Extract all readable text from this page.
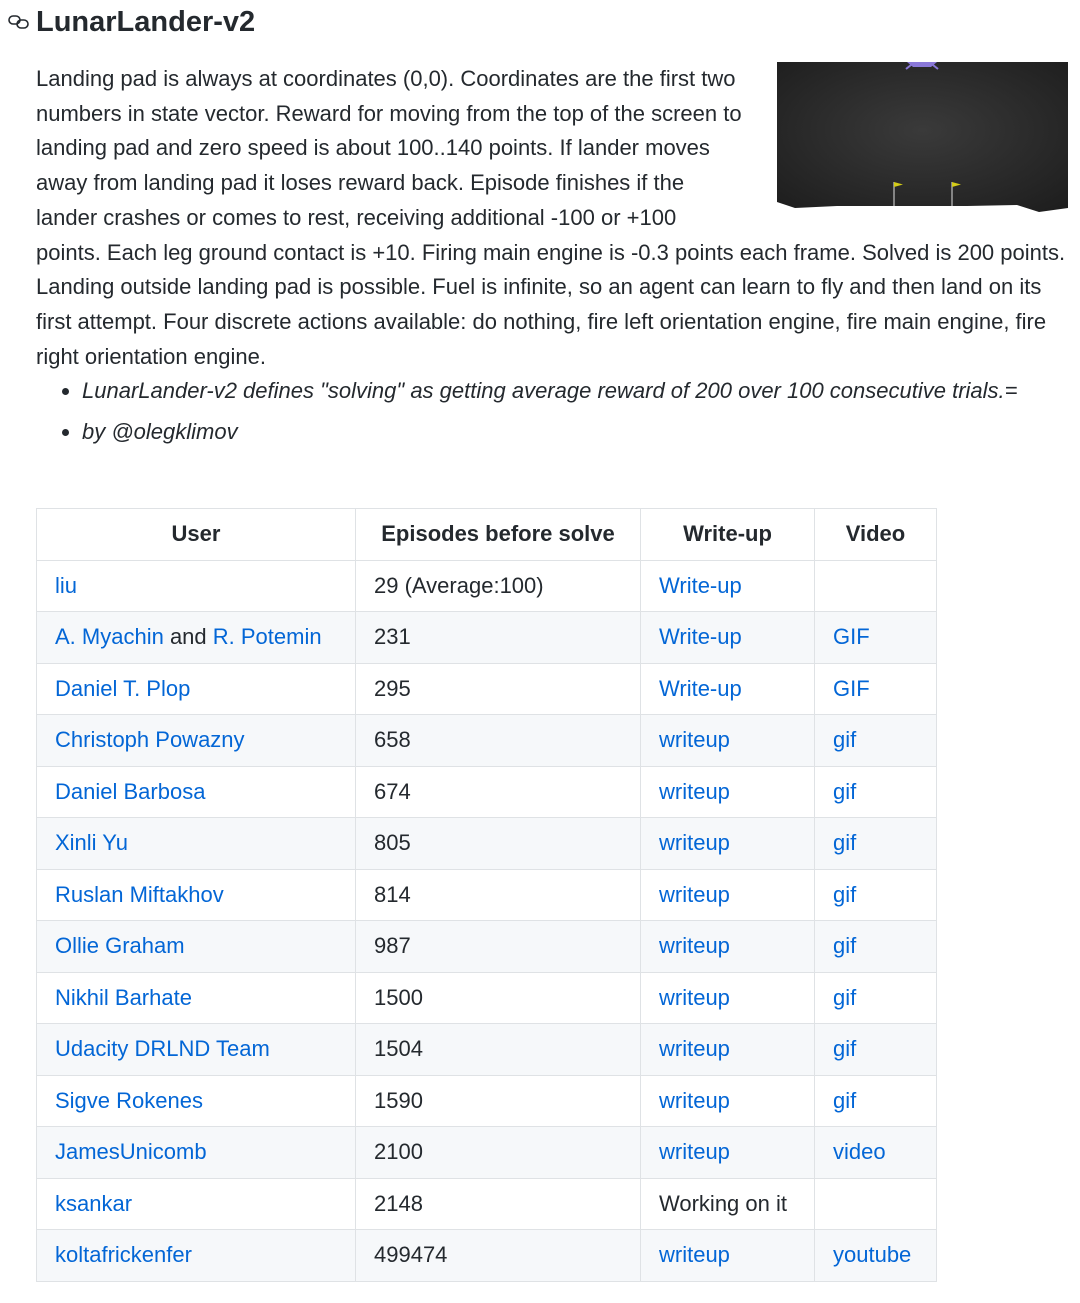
LunarLander-v2

Landing pad is always at coordinates (0,0). Coordinates are the first two numbers in state vector. Reward for moving from the top of the screen to landing pad and zero speed is about 100..140 points. If lander moves away from landing pad it loses reward back. Episode finishes if the lander crashes or comes to rest, receiving additional -100 or +100 points. Each leg ground contact is +10. Firing main engine is -0.3 points each frame. Solved is 200 points. Landing outside landing pad is possible. Fuel is infinite, so an agent can learn to fly and then land on its first attempt. Four discrete actions available: do nothing, fire left orientation engine, fire main engine, fire right orientation engine.

• LunarLander-v2 defines "solving" as getting average reward of 200 over 100 consecutive trials.=
• by @olegklimov
User	Episodes before solve	Write-up	Video
liu	29 (Average:100)	Write-up	
A. Myachin and R. Potemin	231	Write-up	GIF
Daniel T. Plop	295	Write-up	GIF
Christoph Powazny	658	writeup	gif
Daniel Barbosa	674	writeup	gif
Xinli Yu	805	writeup	gif
Ruslan Miftakhov	814	writeup	gif
Ollie Graham	987	writeup	gif
Nikhil Barhate	1500	writeup	gif
Udacity DRLND Team	1504	writeup	gif
Sigve Rokenes	1590	writeup	gif
JamesUnicomb	2100	writeup	video
ksankar	2148	Working on it	
koltafrickenfer	499474	writeup	youtube
